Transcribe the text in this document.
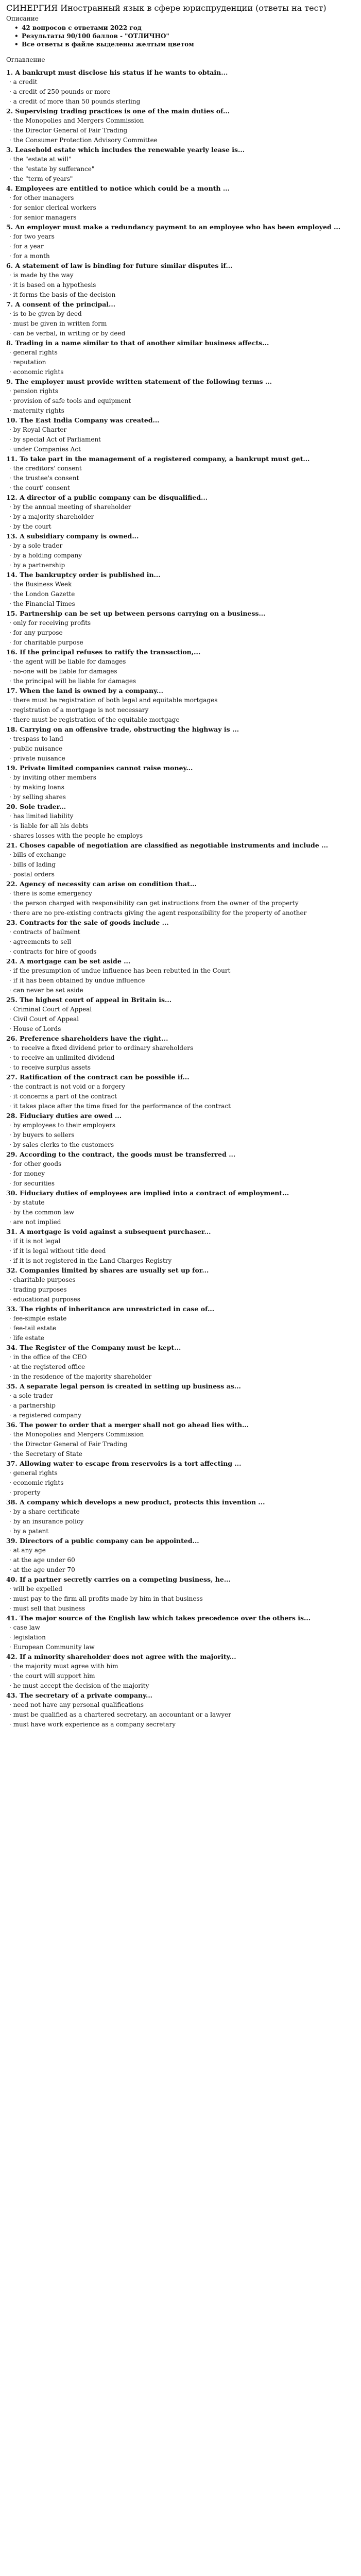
СИНЕРГИЯ Иностранный язык в сфере юриспруденции (ответы на тест)
Описание
• 42 вопросов с ответами 2022 год
• Результаты 90/100 баллов - "ОТЛИЧНО"
• Все ответы в файле выделены желтым цветом
Оглавление
1. A bankrupt must disclose his status if he wants to obtain...
· a credit
· a credit of 250 pounds or more
· a credit of more than 50 pounds sterling
2. Supervising trading practices is one of the main duties of...
· the Monopolies and Mergers Commission
· the Director General of Fair Trading
· the Consumer Protection Advisory Committee
3. Leasehold estate which includes the renewable yearly lease is...
· the "estate at will"
· the "estate by sufferance"
· the "term of years"
4. Employees are entitled to notice which could be a month ...
· for other managers
· for senior clerical workers
· for senior managers
5. An employer must make a redundancy payment to an employee who has been employed ...
· for two years
· for a year
· for a month
6. A statement of law is binding for future similar disputes if...
· is made by the way
· it is based on a hypothesis
· it forms the basis of the decision
7. A consent of the principal...
· is to be given by deed
· must be given in written form
· can be verbal, in writing or by deed
8. Trading in a name similar to that of another similar business affects...
· general rights
· reputation
· economic rights
9. The employer must provide written statement of the following terms ...
· pension rights
· provision of safe tools and equipment
· maternity rights
10. The East India Company was created...
· by Royal Charter
· by special Act of Parliament
· under Companies Act
11. To take part in the management of a registered company, a bankrupt must get...
· the creditors' consent
· the trustee's consent
· the court' consent
12. A director of a public company can be disqualified...
· by the annual meeting of shareholder
· by a majority shareholder
· by the court
13. A subsidiary company is owned...
· by a sole trader
· by a holding company
· by a partnership
14. The bankruptcy order is published in...
· the Business Week
· the London Gazette
· the Financial Times
15. Partnership can be set up between persons carrying on a business...
· only for receiving profits
· for any purpose
· for charitable purpose
16. If the principal refuses to ratify the transaction,...
· the agent will be liable for damages
· no-one will be liable for damages
· the principal will be liable for damages
17. When the land is owned by a company...
· there must be registration of both legal and equitable mortgages
· registration of a mortgage is not necessary
· there must be registration of the equitable mortgage
18. Carrying on an offensive trade, obstructing the highway is ...
· trespass to land
· public nuisance
· private nuisance
19. Private limited companies cannot raise money...
· by inviting other members
· by making loans
· by selling shares
20. Sole trader...
· has limited liability
· is liable for all his debts
· shares losses with the people he employs
21. Choses capable of negotiation are classified as negotiable instruments and include ...
· bills of exchange
· bills of lading
· postal orders
22. Agency of necessity can arise on condition that...
· there is some emergency
· the person charged with responsibility can get instructions from the owner of the property
· there are no pre-existing contracts giving the agent responsibility for the property of another
23. Contracts for the sale of goods include ...
· contracts of bailment
· agreements to sell
· contracts for hire of goods
24. A mortgage can be set aside ...
· if the presumption of undue influence has been rebutted in the Court
· if it has been obtained by undue influence
· can never be set aside
25. The highest court of appeal in Britain is...
· Criminal Court of Appeal
· Civil Court of Appeal
· House of Lords
26. Preference shareholders have the right...
· to receive a fixed dividend prior to ordinary shareholders
· to receive an unlimited dividend
· to receive surplus assets
27. Ratification of the contract can be possible if...
· the contract is not void or a forgery
· it concerns a part of the contract
· it takes place after the time fixed for the performance of the contract
28. Fiduciary duties are owed ...
· by employees to their employers
· by buyers to sellers
· by sales clerks to the customers
29. According to the contract, the goods must be transferred ...
· for other goods
· for money
· for securities
30. Fiduciary duties of employees are implied into a contract of employment...
· by statute
· by the common law
· are not implied
31. A mortgage is void against a subsequent purchaser...
· if it is not legal
· if it is legal without title deed
· if it is not registered in the Land Charges Registry
32. Companies limited by shares are usually set up for...
· charitable purposes
· trading purposes
· educational purposes
33. The rights of inheritance are unrestricted in case of...
· fee-simple estate
· fee-tail estate
· life estate
34. The Register of the Company must be kept...
· in the office of the CEO
· at the registered office
· in the residence of the majority shareholder
35. A separate legal person is created in setting up business as...
· a sole trader
· a partnership
· a registered company
36. The power to order that a merger shall not go ahead lies with...
· the Monopolies and Mergers Commission
· the Director General of Fair Trading
· the Secretary of State
37. Allowing water to escape from reservoirs is a tort affecting ...
· general rights
· economic rights
· property
38. A company which develops a new product, protects this invention ...
· by a share certificate
· by an insurance policy
· by a patent
39. Directors of a public company can be appointed...
· at any age
· at the age under 60
· at the age under 70
40. If a partner secretly carries on a competing business, he...
· will be expelled
· must pay to the firm all profits made by him in that business
· must sell that business
41. The major source of the English law which takes precedence over the others is...
· case law
· legislation
· European Community law
42. If a minority shareholder does not agree with the majority...
· the majority must agree with him
· the court will support him
· he must accept the decision of the majority
43. The secretary of a private company...
· need not have any personal qualifications
· must be qualified as a chartered secretary, an accountant or a lawyer
· must have work experience as a company secretary
